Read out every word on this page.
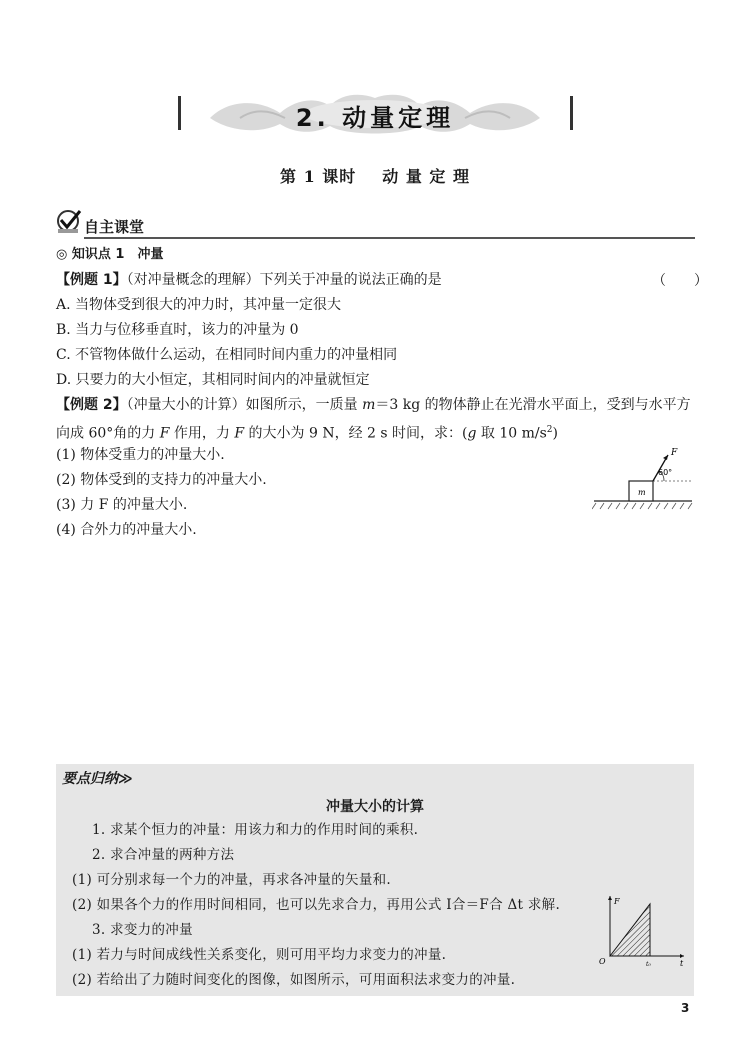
2. 动量定理
第 1 课时 动 量 定 理
自主课堂
◎ 知识点 1　冲量
【例题 1】（对冲量概念的理解）下列关于冲量的说法正确的是	（　　）
A. 当物体受到很大的冲力时，其冲量一定很大
B. 当力与位移垂直时，该力的冲量为 0
C. 不管物体做什么运动，在相同时间内重力的冲量相同
D. 只要力的大小恒定，其相同时间内的冲量就恒定
【例题 2】（冲量大小的计算）如图所示，一质量 m＝3 kg 的物体静止在光滑水平面上，受到与水平方
向成 60°角的力 F 作用，力 F 的大小为 9 N，经 2 s 时间，求：(g 取 10 $m/s^2$)
(1) 物体受重力的冲量大小.
(2) 物体受到的支持力的冲量大小.
(3) 力 F 的冲量大小.
(4) 合外力的冲量大小.
m
F
60°
要点归纳≫
冲量大小的计算
1. 求某个恒力的冲量：用该力和力的作用时间的乘积.
2. 求合冲量的两种方法
(1) 可分别求每一个力的冲量，再求各冲量的矢量和.
(2) 如果各个力的作用时间相同，也可以先求合力，再用公式 I合＝F合 Δt 求解.
3. 求变力的冲量
(1) 若力与时间成线性关系变化，则可用平均力求变力的冲量.
(2) 若给出了力随时间变化的图像，如图所示，可用面积法求变力的冲量.
F
t
O	t₀
3
